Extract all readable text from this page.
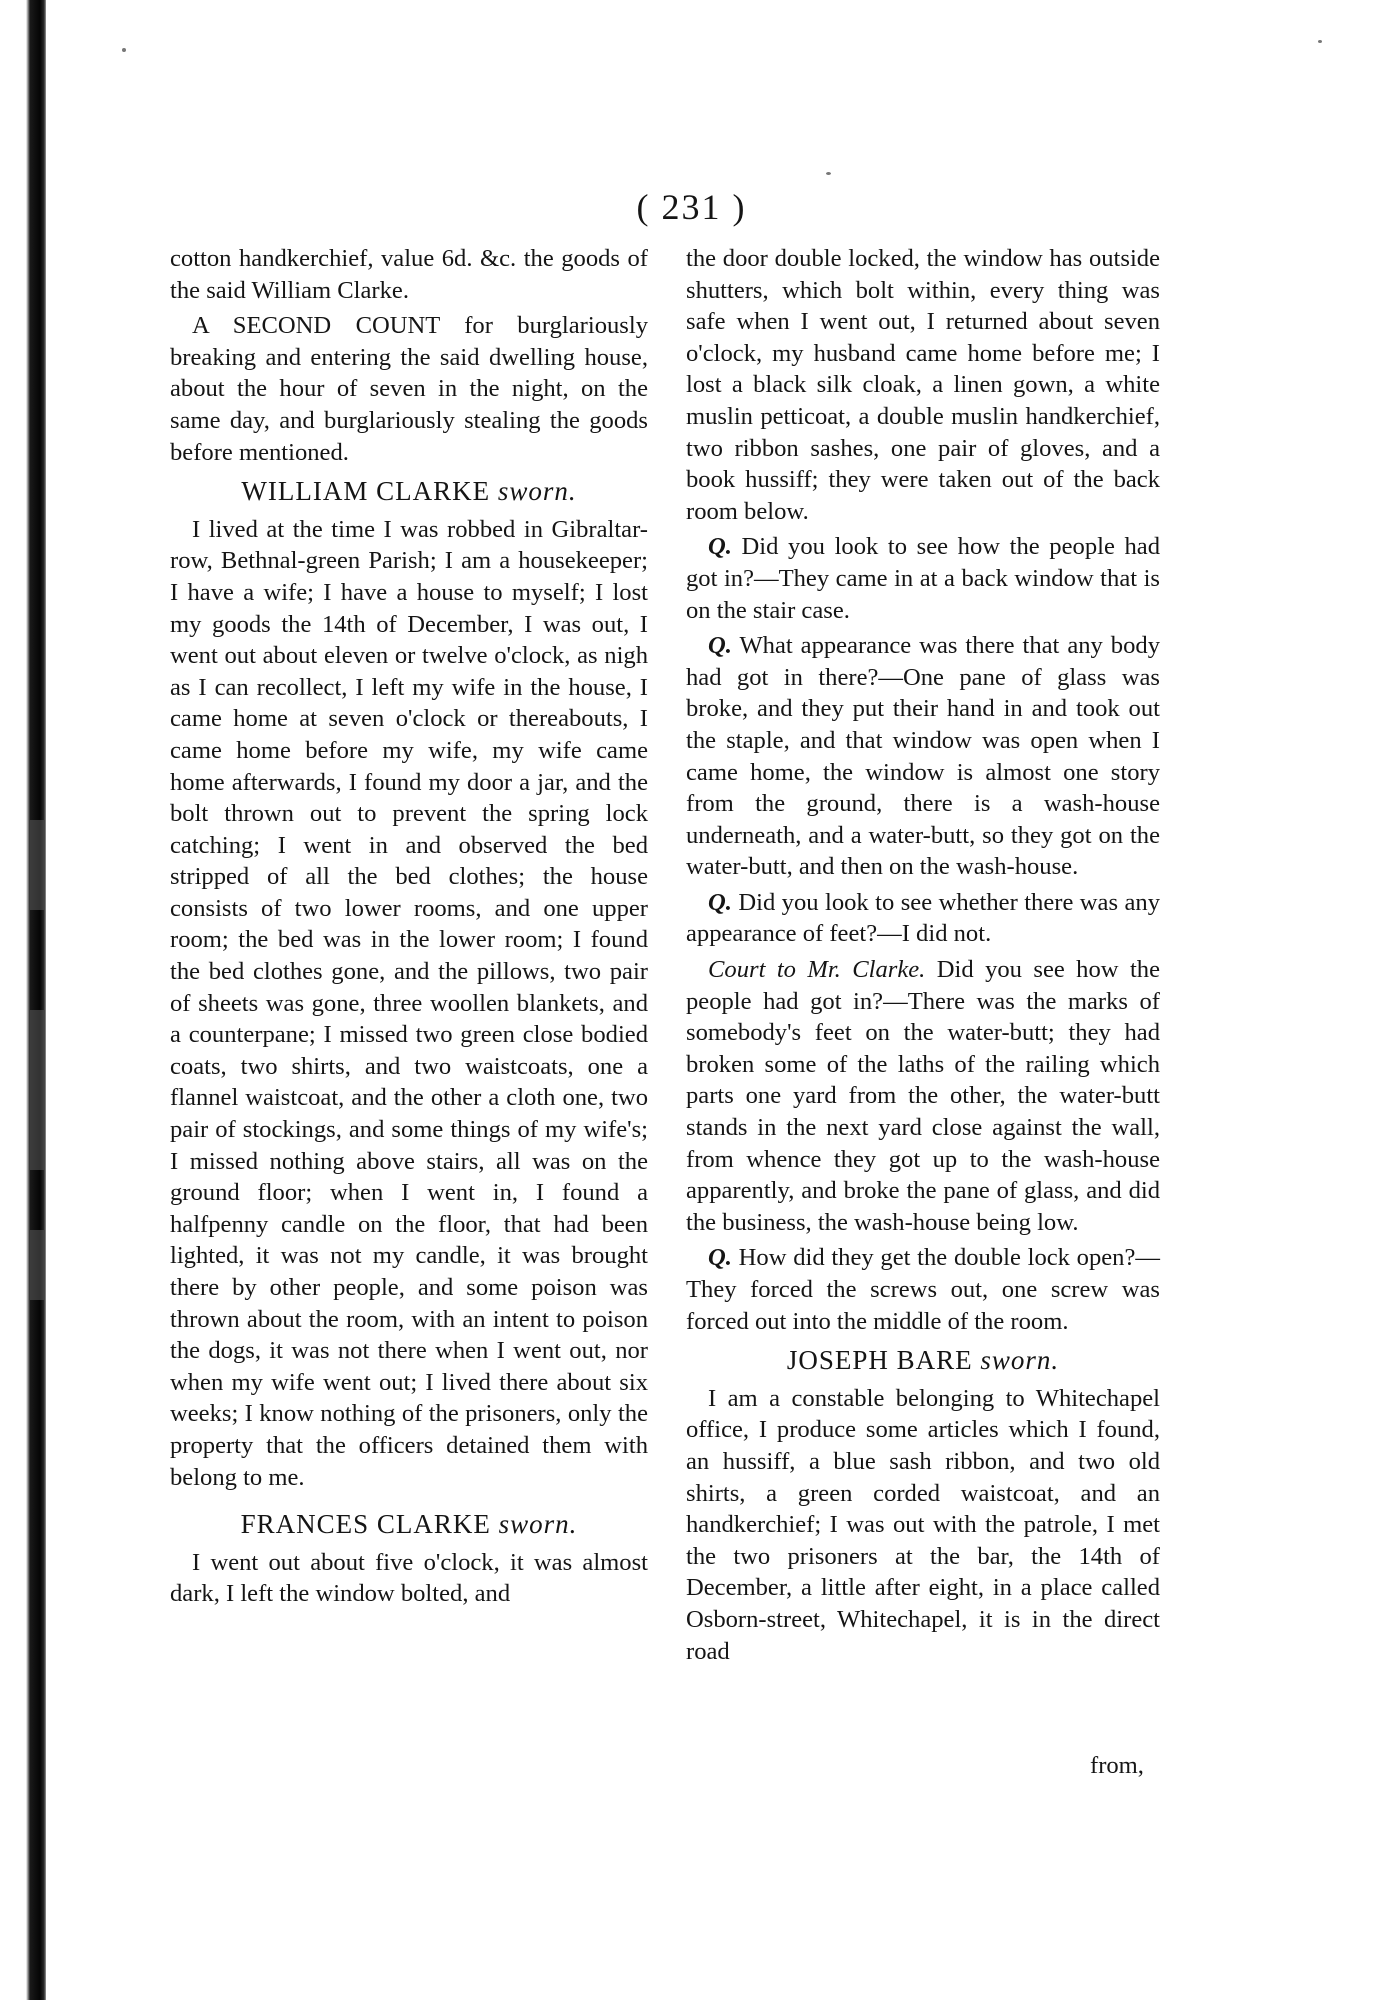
( 231 )

cotton handkerchief, value 6d. &c. the goods of the said William Clarke.

A SECOND COUNT for burglariously breaking and entering the said dwelling house, about the hour of seven in the night, on the same day, and burglariously stealing the goods before mentioned.

WILLIAM CLARKE sworn.

I lived at the time I was robbed in Gibraltar-row, Bethnal-green Parish; I am a housekeeper; I have a wife; I have a house to myself; I lost my goods the 14th of December, I was out, I went out about eleven or twelve o'clock, as nigh as I can recollect, I left my wife in the house, I came home at seven o'clock or thereabouts, I came home before my wife, my wife came home afterwards, I found my door a jar, and the bolt thrown out to prevent the spring lock catching; I went in and observed the bed stripped of all the bed clothes; the house consists of two lower rooms, and one upper room; the bed was in the lower room; I found the bed clothes gone, and the pillows, two pair of sheets was gone, three woollen blankets, and a counterpane; I missed two green close bodied coats, two shirts, and two waistcoats, one a flannel waistcoat, and the other a cloth one, two pair of stockings, and some things of my wife's; I missed nothing above stairs, all was on the ground floor; when I went in, I found a halfpenny candle on the floor, that had been lighted, it was not my candle, it was brought there by other people, and some poison was thrown about the room, with an intent to poison the dogs, it was not there when I went out, nor when my wife went out; I lived there about six weeks; I know nothing of the prisoners, only the property that the officers detained them with belong to me.

FRANCES CLARKE sworn.

I went out about five o'clock, it was almost dark, I left the window bolted, and

the door double locked, the window has outside shutters, which bolt within, every thing was safe when I went out, I returned about seven o'clock, my husband came home before me; I lost a black silk cloak, a linen gown, a white muslin petticoat, a double muslin handkerchief, two ribbon sashes, one pair of gloves, and a book hussiff; they were taken out of the back room below.

Q. Did you look to see how the people had got in?—They came in at a back window that is on the stair case.

Q. What appearance was there that any body had got in there?—One pane of glass was broke, and they put their hand in and took out the staple, and that window was open when I came home, the window is almost one story from the ground, there is a wash-house underneath, and a water-butt, so they got on the water-butt, and then on the wash-house.

Q. Did you look to see whether there was any appearance of feet?—I did not.

Court to Mr. Clarke. Did you see how the people had got in?—There was the marks of somebody's feet on the water-butt; they had broken some of the laths of the railing which parts one yard from the other, the water-butt stands in the next yard close against the wall, from whence they got up to the wash-house apparently, and broke the pane of glass, and did the business, the wash-house being low.

Q. How did they get the double lock open?—They forced the screws out, one screw was forced out into the middle of the room.

JOSEPH BARE sworn.

I am a constable belonging to Whitechapel office, I produce some articles which I found, an hussiff, a blue sash ribbon, and two old shirts, a green corded waistcoat, and an handkerchief; I was out with the patrole, I met the two prisoners at the bar, the 14th of December, a little after eight, in a place called Osborn-street, Whitechapel, it is in the direct road

from,
